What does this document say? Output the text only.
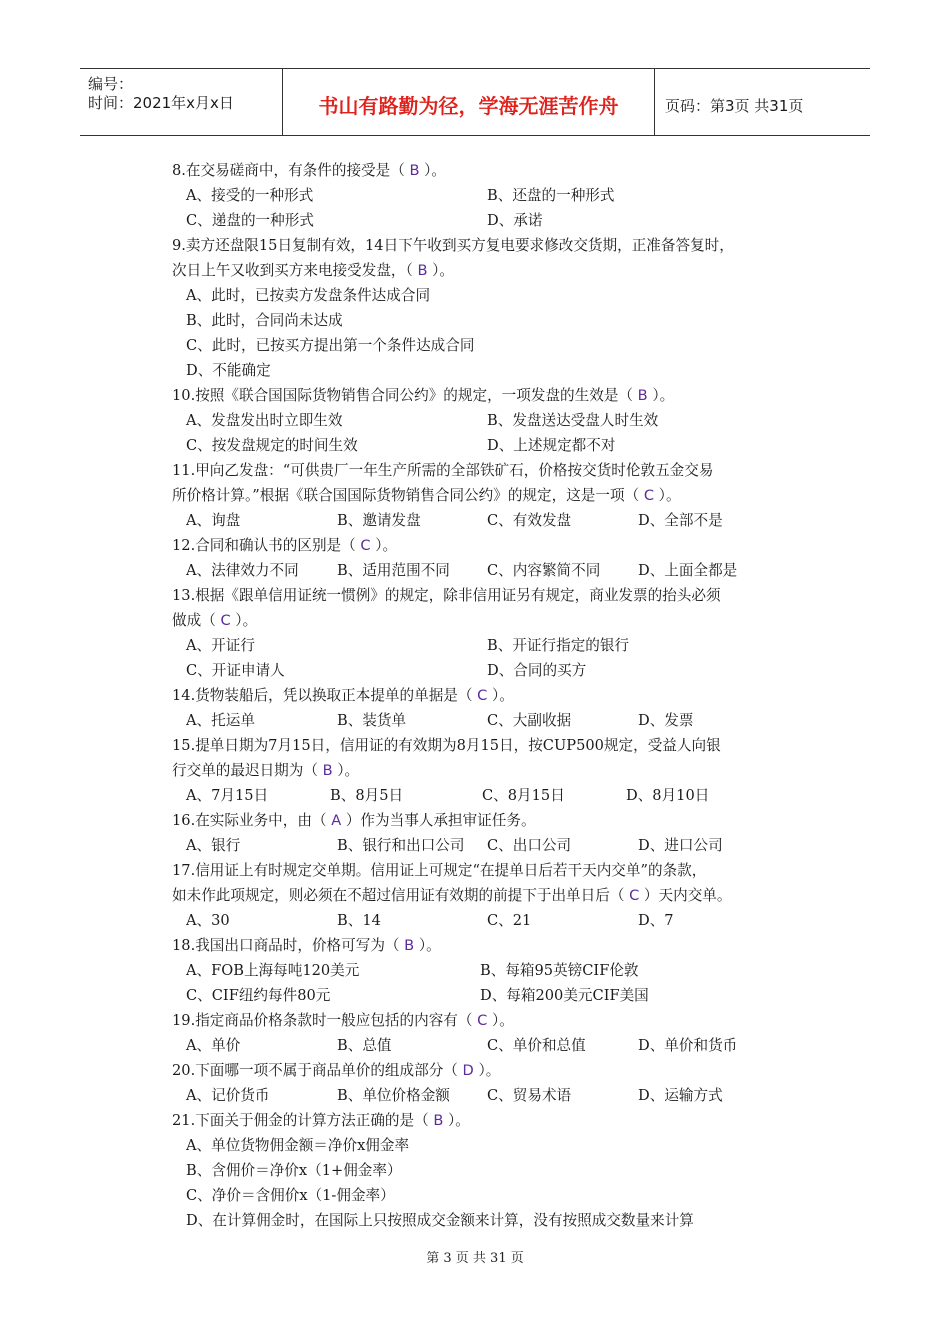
编号：
时间：2021年x月x日	书山有路勤为径，学海无涯苦作舟	页码：第3页 共31页
8.在交易磋商中，有条件的接受是（ B ）。
A、接受的一种形式	B、还盘的一种形式
C、递盘的一种形式	D、承诺
9.卖方还盘限15日复制有效，14日下午收到买方复电要求修改交货期，正准备答复时，
次日上午又收到买方来电接受发盘，（ B ）。
A、此时，已按卖方发盘条件达成合同
B、此时，合同尚未达成
C、此时，已按买方提出第一个条件达成合同
D、不能确定
10.按照《联合国国际货物销售合同公约》的规定，一项发盘的生效是（ B ）。
A、发盘发出时立即生效	B、发盘送达受盘人时生效
C、按发盘规定的时间生效	D、上述规定都不对
11.甲向乙发盘：“可供贵厂一年生产所需的全部铁矿石，价格按交货时伦敦五金交易
所价格计算。”根据《联合国国际货物销售合同公约》的规定，这是一项（ C ）。
A、询盘	B、邀请发盘	C、有效发盘	D、全部不是
12.合同和确认书的区别是（ C ）。
A、法律效力不同	B、适用范围不同	C、内容繁简不同	D、上面全都是
13.根据《跟单信用证统一惯例》的规定，除非信用证另有规定，商业发票的抬头必须
做成（ C ）。
A、开证行	B、开证行指定的银行
C、开证申请人	D、合同的买方
14.货物装船后，凭以换取正本提单的单据是（ C ）。
A、托运单	B、装货单	C、大副收据	D、发票
15.提单日期为7月15日，信用证的有效期为8月15日，按CUP500规定，受益人向银
行交单的最迟日期为（ B ）。
A、7月15日	B、8月5日	C、8月15日	D、8月10日
16.在实际业务中，由（ A ）作为当事人承担审证任务。
A、银行	B、银行和出口公司 C、出口公司	D、进口公司
17.信用证上有时规定交单期。信用证上可规定“在提单日后若干天内交单”的条款，
如未作此项规定，则必须在不超过信用证有效期的前提下于出单日后（ C ）天内交单。
A、30	B、14	C、21	D、7
18.我国出口商品时，价格可写为（ B ）。
A、FOB上海每吨120美元	B、每箱95英镑CIF伦敦
C、CIF纽约每件80元	D、每箱200美元CIF美国
19.指定商品价格条款时一般应包括的内容有（ C ）。
A、单价	B、总值	C、单价和总值	D、单价和货币
20.下面哪一项不属于商品单价的组成部分（ D ）。
A、记价货币	B、单位价格金额	C、贸易术语	D、运输方式
21.下面关于佣金的计算方法正确的是（ B ）。
A、单位货物佣金额＝净价x佣金率
B、含佣价＝净价x（1+佣金率）
C、净价＝含佣价x（1-佣金率）
D、在计算佣金时，在国际上只按照成交金额来计算，没有按照成交数量来计算
第 3 页 共 31 页
